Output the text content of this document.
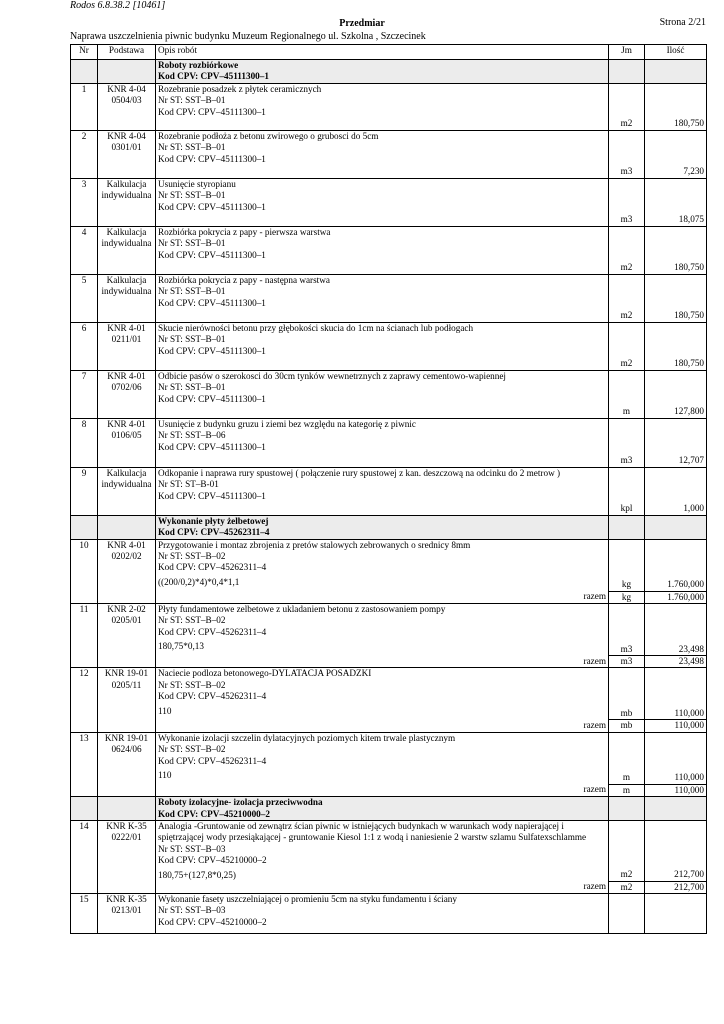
Rodos 6.8.38.2 [10461]
Przedmiar	Strona 2/21
Naprawa uszczelnienia piwnic budynku Muzeum Regionalnego ul. Szkolna , Szczecinek
Nr	Podstawa	Opis robót	Jm	Ilość

		Roboty rozbiórkowe
Kod CPV: CPV–45111300–1		

1	KNR 4-04 0504/03	Rozebranie posadzek z płytek ceramicznych
Nr ST: SST–B–01
Kod CPV: CPV–45111300–1	m2	180,750
2	KNR 4-04 0301/01	Rozebranie podłoża z betonu zwirowego o grubosci do 5cm
Nr ST: SST–B–01
Kod CPV: CPV–45111300–1	m3	7,230
3	Kalkulacja indywidualna	Usunięcie styropianu
Nr ST: SST–B–01
Kod CPV: CPV–45111300–1	m3	18,075
4	Kalkulacja indywidualna	Rozbiórka pokrycia z papy - pierwsza warstwa
Nr ST: SST–B–01
Kod CPV: CPV–45111300–1	m2	180,750
5	Kalkulacja indywidualna	Rozbiórka pokrycia z papy - następna warstwa
Nr ST: SST–B–01
Kod CPV: CPV–45111300–1	m2	180,750
6	KNR 4-01 0211/01	Skucie nierówności betonu przy głębokości skucia do 1cm na ścianach lub podłogach
Nr ST: SST–B–01
Kod CPV: CPV–45111300–1	m2	180,750
7	KNR 4-01 0702/06	Odbicie pasów o szerokosci do 30cm tynków wewnetrznych z zaprawy cementowo-wapiennej
Nr ST: SST–B–01
Kod CPV: CPV–45111300–1	m	127,800
8	KNR 4-01 0106/05	Usunięcie z budynku gruzu i ziemi bez względu na kategorię z piwnic
Nr ST: SST–B–06
Kod CPV: CPV–45111300–1	m3	12,707
9	Kalkulacja indywidualna	Odkopanie i naprawa rury spustowej ( połączenie rury spustowej z kan. deszczową na odcinku do 2 metrow )
Nr ST: ST–B-01
Kod CPV: CPV–45111300–1	kpl	1,000

		Wykonanie płyty żelbetowej
Kod CPV: CPV–45262311–4		

10	KNR 4-01 0202/02	Przygotowanie i montaz zbrojenia z pretów stalowych zebrowanych o srednicy 8mm
Nr ST: SST–B–02
Kod CPV: CPV–45262311–4
((200/0,2)*4)*0,4*1,1	kg	1.760,000
		razem	kg	1.760,000
11	KNR 2-02 0205/01	Płyty fundamentowe zelbetowe z ukladaniem betonu z zastosowaniem pompy
Nr ST: SST–B–02
Kod CPV: CPV–45262311–4
180,75*0,13	m3	23,498
		razem	m3	23,498
12	KNR 19-01 0205/11	Naciecie podloza betonowego-DYLATACJA POSADZKI
Nr ST: SST–B–02
Kod CPV: CPV–45262311–4
110	mb	110,000
		razem	mb	110,000
13	KNR 19-01 0624/06	Wykonanie izolacji szczelin dylatacyjnych poziomych kitem trwale plastycznym
Nr ST: SST–B–02
Kod CPV: CPV–45262311–4
110	m	110,000
		razem	m	110,000

		Roboty izolacyjne- izolacja przeciwwodna
Kod CPV: CPV–45210000–2		

14	KNR K-35 0222/01	Analogia -Gruntowanie od zewnątrz ścian piwnic w istniejących budynkach w warunkach wody napierającej i spiętrzającej wody przesiąkającej - gruntowanie Kiesol 1:1 z wodą i naniesienie 2 warstw szlamu Sulfatexschlamme
Nr ST: SST–B–03
Kod CPV: CPV–45210000–2
180,75+(127,8*0,25)	m2	212,700
		razem	m2	212,700
15	KNR K-35 0213/01	Wykonanie fasety uszczelniającej o promieniu 5cm na styku fundamentu i ściany
Nr ST: SST–B–03
Kod CPV: CPV–45210000–2		
